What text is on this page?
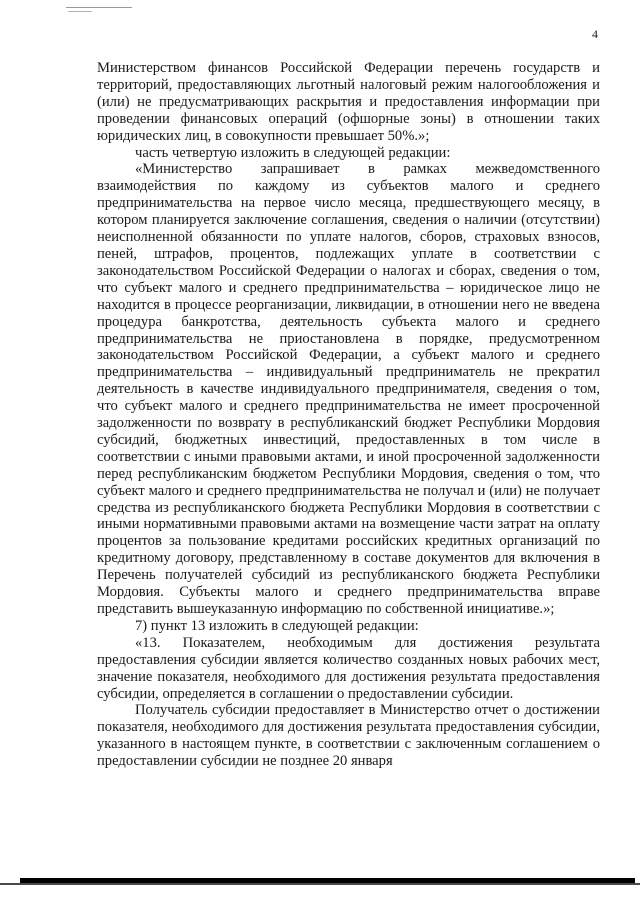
4

Министерством финансов Российской Федерации перечень государств и территорий, предоставляющих льготный налоговый режим налогообложения и (или) не предусматривающих раскрытия и предоставления информации при проведении финансовых операций (офшорные зоны) в отношении таких юридических лиц, в совокупности превышает 50%.»;

часть четвертую изложить в следующей редакции:

«Министерство запрашивает в рамках межведомственного взаимодействия по каждому из субъектов малого и среднего предпринимательства на первое число месяца, предшествующего месяцу, в котором планируется заключение соглашения, сведения о наличии (отсутствии) неисполненной обязанности по уплате налогов, сборов, страховых взносов, пеней, штрафов, процентов, подлежащих уплате в соответствии с законодательством Российской Федерации о налогах и сборах, сведения о том, что субъект малого и среднего предпринимательства – юридическое лицо не находится в процессе реорганизации, ликвидации, в отношении него не введена процедура банкротства, деятельность субъекта малого и среднего предпринимательства не приостановлена в порядке, предусмотренном законодательством Российской Федерации, а субъект малого и среднего предпринимательства – индивидуальный предприниматель не прекратил деятельность в качестве индивидуального предпринимателя, сведения о том, что субъект малого и среднего предпринимательства не имеет просроченной задолженности по возврату в республиканский бюджет Республики Мордовия субсидий, бюджетных инвестиций, предоставленных в том числе в соответствии с иными правовыми актами, и иной просроченной задолженности перед республиканским бюджетом Республики Мордовия, сведения о том, что субъект малого и среднего предпринимательства не получал и (или) не получает средства из республиканского бюджета Республики Мордовия в соответствии с иными нормативными правовыми актами на возмещение части затрат на оплату процентов за пользование кредитами российских кредитных организаций по кредитному договору, представленному в составе документов для включения в Перечень получателей субсидий из республиканского бюджета Республики Мордовия. Субъекты малого и среднего предпринимательства вправе представить вышеуказанную информацию по собственной инициативе.»;

7) пункт 13 изложить в следующей редакции:

«13. Показателем, необходимым для достижения результата предоставления субсидии является количество созданных новых рабочих мест, значение показателя, необходимого для достижения результата предоставления субсидии, определяется в соглашении о предоставлении субсидии.

Получатель субсидии предоставляет в Министерство отчет о достижении показателя, необходимого для достижения результата предоставления субсидии, указанного в настоящем пункте, в соответствии с заключенным соглашением о предоставлении субсидии не позднее 20 января
